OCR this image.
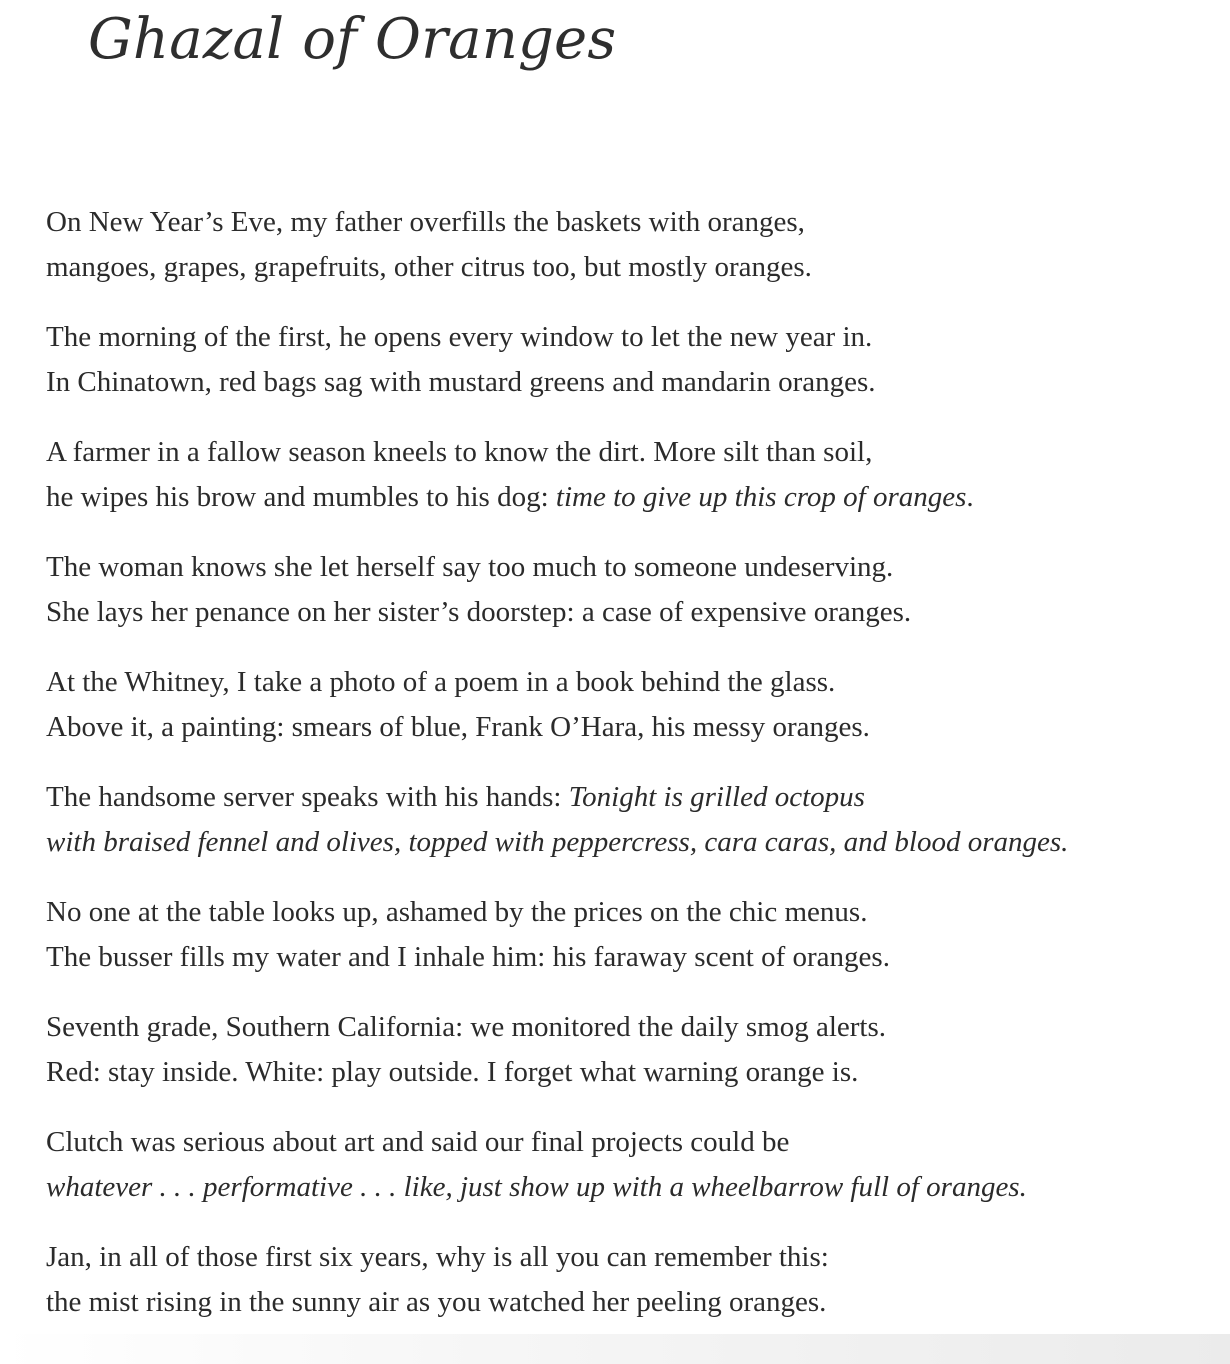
Ghazal of Oranges
On New Year’s Eve, my father overfills the baskets with oranges,
mangoes, grapes, grapefruits, other citrus too, but mostly oranges.
The morning of the first, he opens every window to let the new year in.
In Chinatown, red bags sag with mustard greens and mandarin oranges.
A farmer in a fallow season kneels to know the dirt. More silt than soil,
he wipes his brow and mumbles to his dog: time to give up this crop of oranges.
The woman knows she let herself say too much to someone undeserving.
She lays her penance on her sister’s doorstep: a case of expensive oranges.
At the Whitney, I take a photo of a poem in a book behind the glass.
Above it, a painting: smears of blue, Frank O’Hara, his messy oranges.
The handsome server speaks with his hands: Tonight is grilled octopus
with braised fennel and olives, topped with peppercress, cara caras, and blood oranges.
No one at the table looks up, ashamed by the prices on the chic menus.
The busser fills my water and I inhale him: his faraway scent of oranges.
Seventh grade, Southern California: we monitored the daily smog alerts.
Red: stay inside. White: play outside. I forget what warning orange is.
Clutch was serious about art and said our final projects could be
whatever . . . performative . . . like, just show up with a wheelbarrow full of oranges.
Jan, in all of those first six years, why is all you can remember this:
the mist rising in the sunny air as you watched her peeling oranges.
